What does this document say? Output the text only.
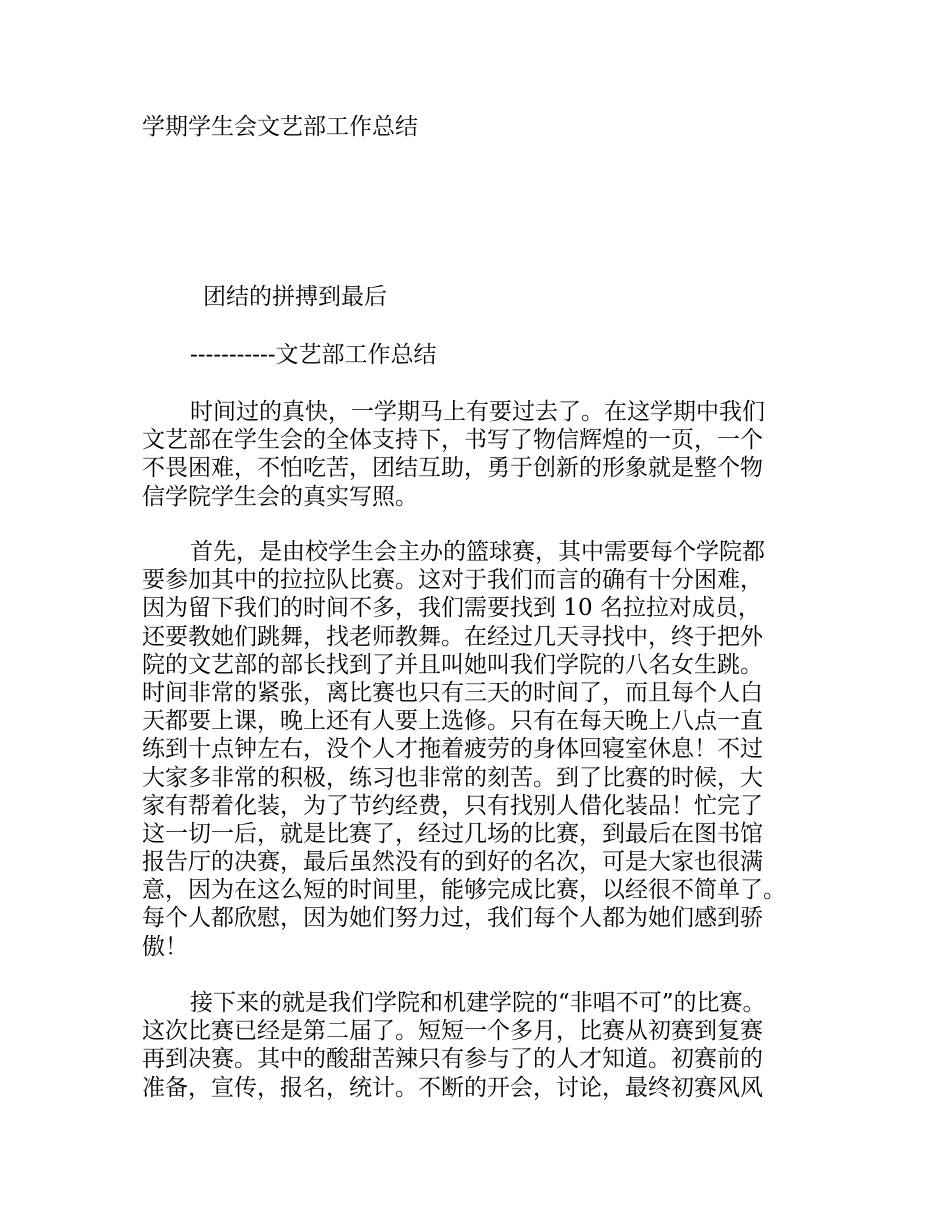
学期学生会文艺部工作总结
团结的拼搏到最后
-----------文艺部工作总结
时间过的真快，一学期马上有要过去了。在这学期中我们
文艺部在学生会的全体支持下，书写了物信辉煌的一页，一个
不畏困难，不怕吃苦，团结互助，勇于创新的形象就是整个物
信学院学生会的真实写照。
首先，是由校学生会主办的篮球赛，其中需要每个学院都
要参加其中的拉拉队比赛。这对于我们而言的确有十分困难，
因为留下我们的时间不多，我们需要找到 10 名拉拉对成员，
还要教她们跳舞，找老师教舞。在经过几天寻找中，终于把外
院的文艺部的部长找到了并且叫她叫我们学院的八名女生跳。
时间非常的紧张，离比赛也只有三天的时间了，而且每个人白
天都要上课，晚上还有人要上选修。只有在每天晚上八点一直
练到十点钟左右，没个人才拖着疲劳的身体回寝室休息！不过
大家多非常的积极，练习也非常的刻苦。到了比赛的时候，大
家有帮着化装，为了节约经费，只有找别人借化装品！忙完了
这一切一后，就是比赛了，经过几场的比赛，到最后在图书馆
报告厅的决赛，最后虽然没有的到好的名次，可是大家也很满
意，因为在这么短的时间里，能够完成比赛，以经很不简单了。
每个人都欣慰，因为她们努力过，我们每个人都为她们感到骄
傲！
接下来的就是我们学院和机建学院的“非唱不可”的比赛。
这次比赛已经是第二届了。短短一个多月，比赛从初赛到复赛
再到决赛。其中的酸甜苦辣只有参与了的人才知道。初赛前的
准备，宣传，报名，统计。不断的开会，讨论，最终初赛风风
